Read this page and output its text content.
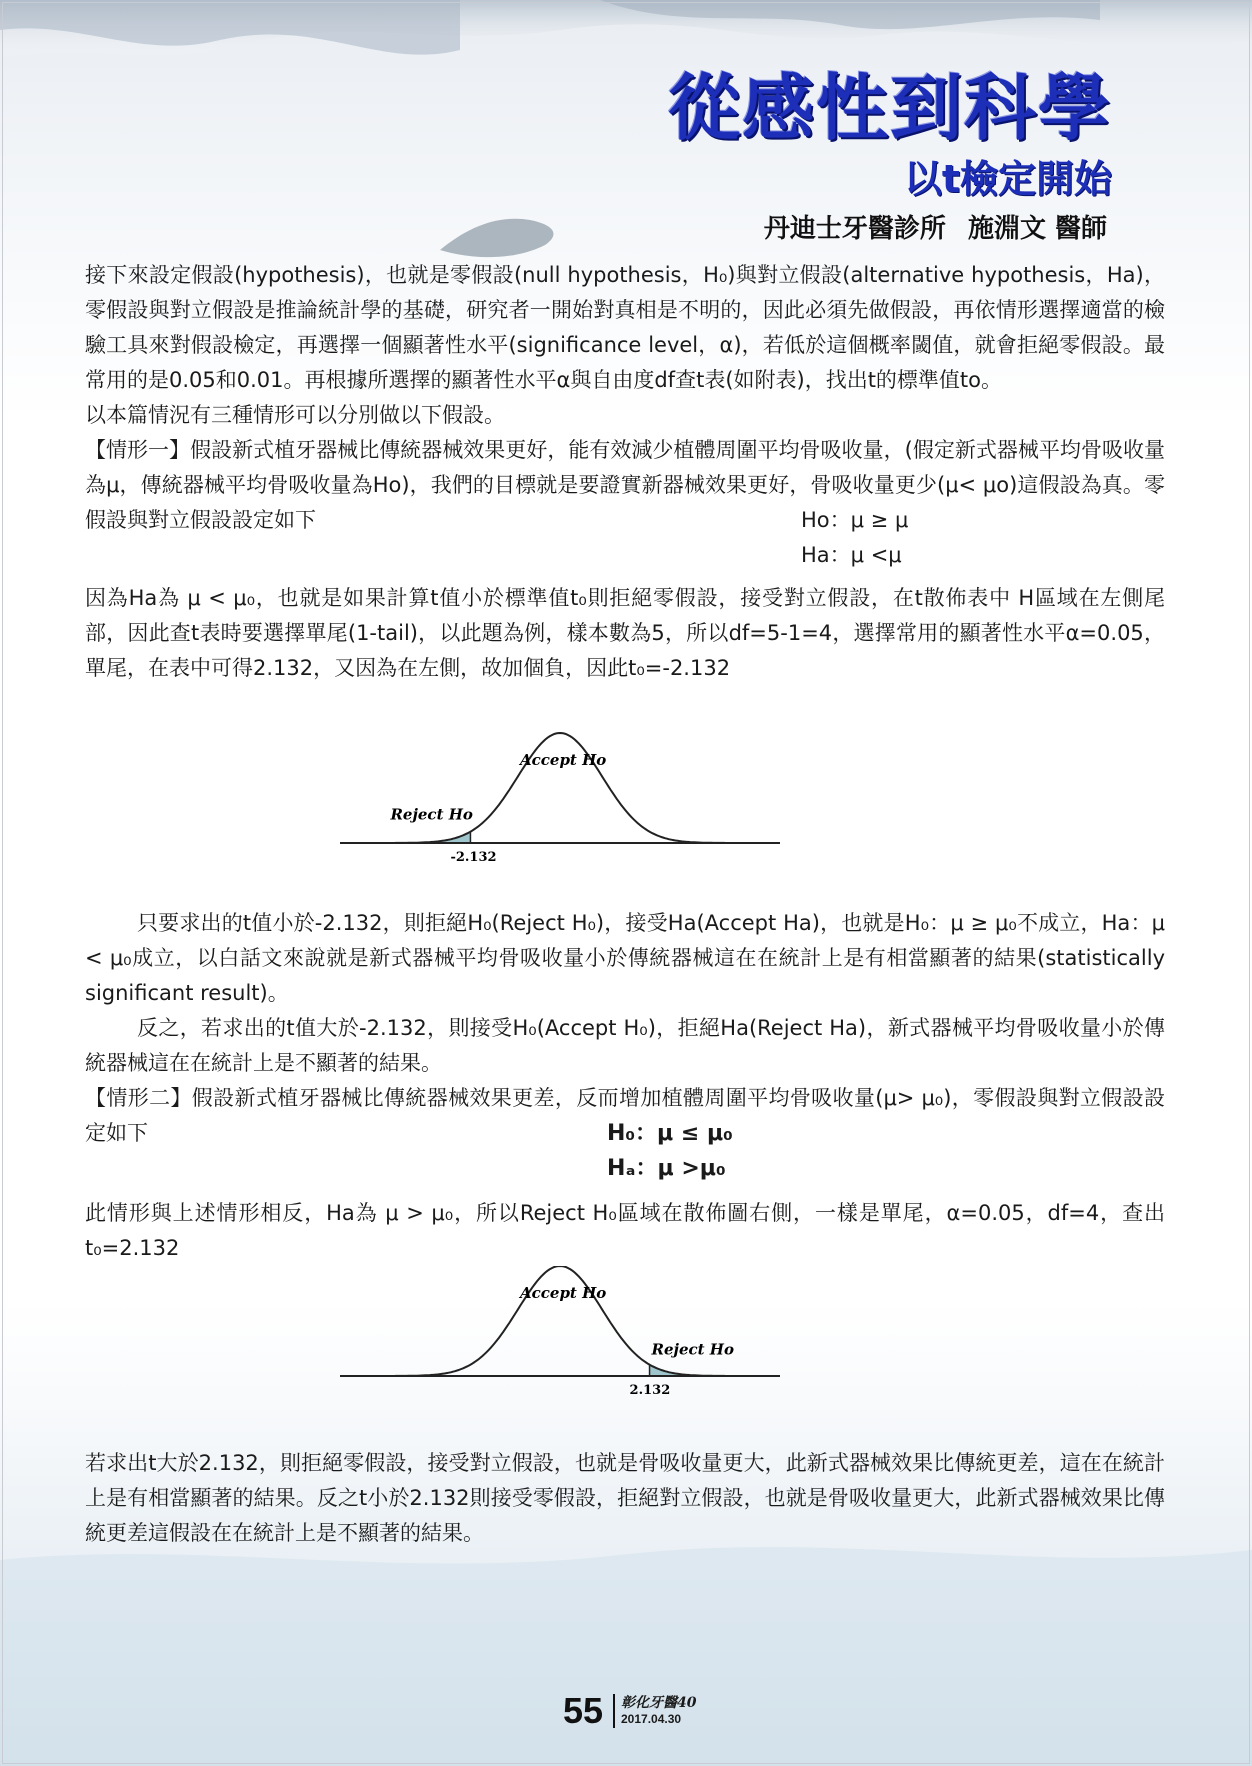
從感性到科學
以t檢定開始
丹迪士牙醫診所 施淵文 醫師

接下來設定假設(hypothesis)，也就是零假設(null hypothesis，H₀)與對立假設(alternative hypothesis，Ha)，零假設與對立假設是推論統計學的基礎，研究者一開始對真相是不明的，因此必須先做假設，再依情形選擇適當的檢驗工具來對假設檢定，再選擇一個顯著性水平(significance level，α)，若低於這個概率閾值，就會拒絕零假設。最常用的是0.05和0.01。再根據所選擇的顯著性水平α與自由度df查t表(如附表)，找出t的標準值to。

以本篇情況有三種情形可以分別做以下假設。

【情形一】假設新式植牙器械比傳統器械效果更好，能有效減少植體周圍平均骨吸收量，(假定新式器械平均骨吸收量為μ，傳統器械平均骨吸收量為Ho)，我們的目標就是要證實新器械效果更好，骨吸收量更少(μ< μo)這假設為真。零假設與對立假設設定如下	Ho：μ ≥ μ
Ha：μ <μ

因為Ha為 μ < μ₀，也就是如果計算t值小於標準值t₀則拒絕零假設，接受對立假設，在t散佈表中 H區域在左側尾部，因此查t表時要選擇單尾(1-tail)，以此題為例，樣本數為5，所以df=5-1=4，選擇常用的顯著性水平α=0.05，單尾，在表中可得2.132，又因為在左側，故加個負，因此t₀=-2.132

Accept Ho
Reject Ho
-2.132

只要求出的t值小於-2.132，則拒絕H₀(Reject H₀)，接受Ha(Accept Ha)，也就是H₀：μ ≥ μ₀不成立，Ha：μ < μ₀成立，以白話文來說就是新式器械平均骨吸收量小於傳統器械這在在統計上是有相當顯著的結果(statistically significant result)。

反之，若求出的t值大於-2.132，則接受H₀(Accept H₀)，拒絕Ha(Reject Ha)，新式器械平均骨吸收量小於傳統器械這在在統計上是不顯著的結果。

【情形二】假設新式植牙器械比傳統器械效果更差，反而增加植體周圍平均骨吸收量(μ> μ₀)，零假設與對立假設設定如下	H₀：μ ≤ μ₀
Hₐ：μ >μ₀

此情形與上述情形相反，Ha為 μ > μ₀，所以Reject H₀區域在散佈圖右側，一樣是單尾，α=0.05，df=4，查出t₀=2.132

Accept Ho
Reject Ho
2.132

若求出t大於2.132，則拒絕零假設，接受對立假設，也就是骨吸收量更大，此新式器械效果比傳統更差，這在在統計上是有相當顯著的結果。反之t小於2.132則接受零假設，拒絕對立假設，也就是骨吸收量更大，此新式器械效果比傳統更差這假設在在統計上是不顯著的結果。

55 彰化牙醫40
2017.04.30
